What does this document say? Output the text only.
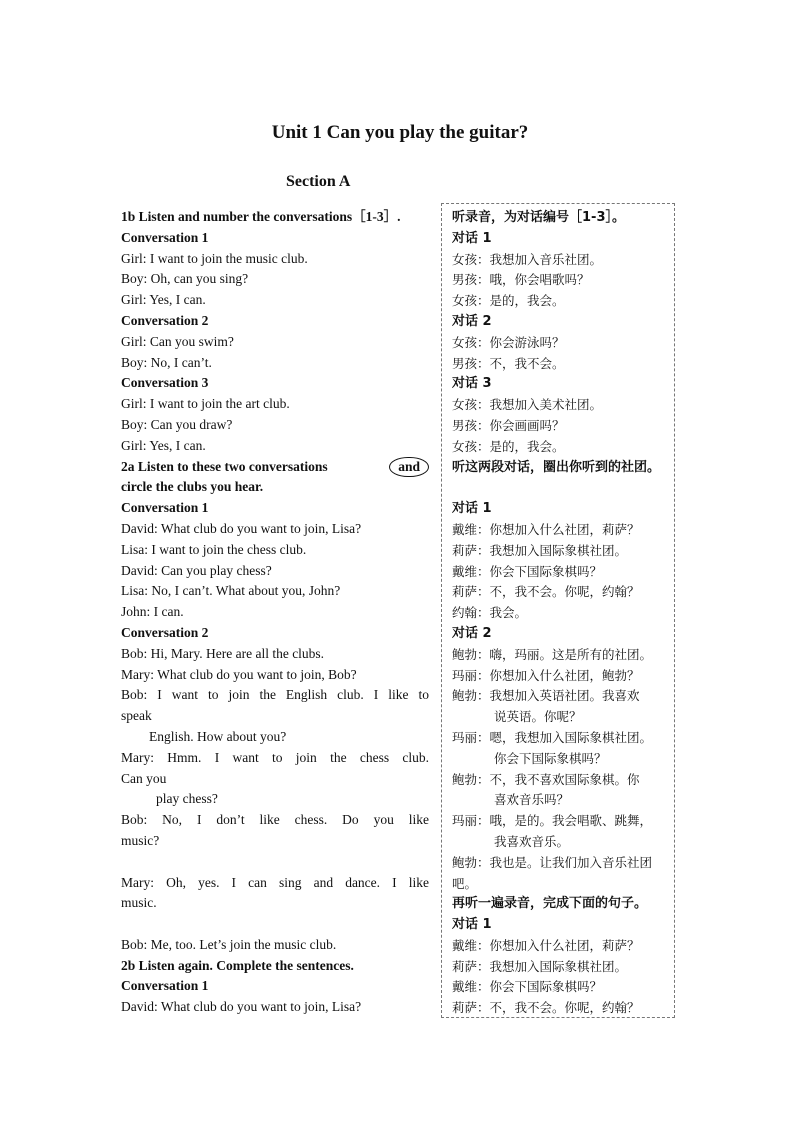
Unit 1 Can you play the guitar?
Section A
1b Listen and number the conversations［1-3］.
Conversation 1
Girl: I want to join the music club.
Boy: Oh, can you sing?
Girl: Yes, I can.
Conversation 2
Girl: Can you swim?
Boy: No, I can’t.
Conversation 3
Girl: I want to join the art club.
Boy: Can you draw?
Girl: Yes, I can.
2a Listen to these two conversations	and
circle the clubs you hear.
Conversation 1
David: What club do you want to join, Lisa?
Lisa: I want to join the chess club.
David: Can you play chess?
Lisa: No, I can’t. What about you, John?
John: I can.
Conversation 2
Bob: Hi, Mary. Here are all the clubs.
Mary: What club do you want to join, Bob?
Bob: I want to join the English club. I like to
speak
English. How about you?
Mary: Hmm. I want to join the chess club.
Can you
play chess?
Bob: No, I don’t like chess. Do you like
music?
Mary: Oh, yes. I can sing and dance. I like
music.
Bob: Me, too. Let’s join the music club.
2b Listen again. Complete the sentences.
Conversation 1
David: What club do you want to join, Lisa?
听录音，为对话编号［1-3］。
对话 1
女孩：我想加入音乐社团。
男孩：哦，你会唱歌吗？
女孩：是的，我会。
对话 2
女孩：你会游泳吗？
男孩：不，我不会。
对话 3
女孩：我想加入美术社团。
男孩：你会画画吗？
女孩：是的，我会。
听这两段对话，圈出你听到的社团。
对话 1
戴维：你想加入什么社团，莉萨？
莉萨：我想加入国际象棋社团。
戴维：你会下国际象棋吗？
莉萨：不，我不会。你呢，约翰？
约翰：我会。
对话 2
鲍勃：嗨，玛丽。这是所有的社团。
玛丽：你想加入什么社团，鲍勃？
鲍勃：我想加入英语社团。我喜欢
说英语。你呢？
玛丽：嗯，我想加入国际象棋社团。
你会下国际象棋吗？
鲍勃：不，我不喜欢国际象棋。你
喜欢音乐吗？
玛丽：哦，是的。我会唱歌、跳舞，
我喜欢音乐。
鲍勃：我也是。让我们加入音乐社团
吧。
再听一遍录音，完成下面的句子。
对话 1
戴维：你想加入什么社团，莉萨？
莉萨：我想加入国际象棋社团。
戴维：你会下国际象棋吗？
莉萨：不，我不会。你呢，约翰？
